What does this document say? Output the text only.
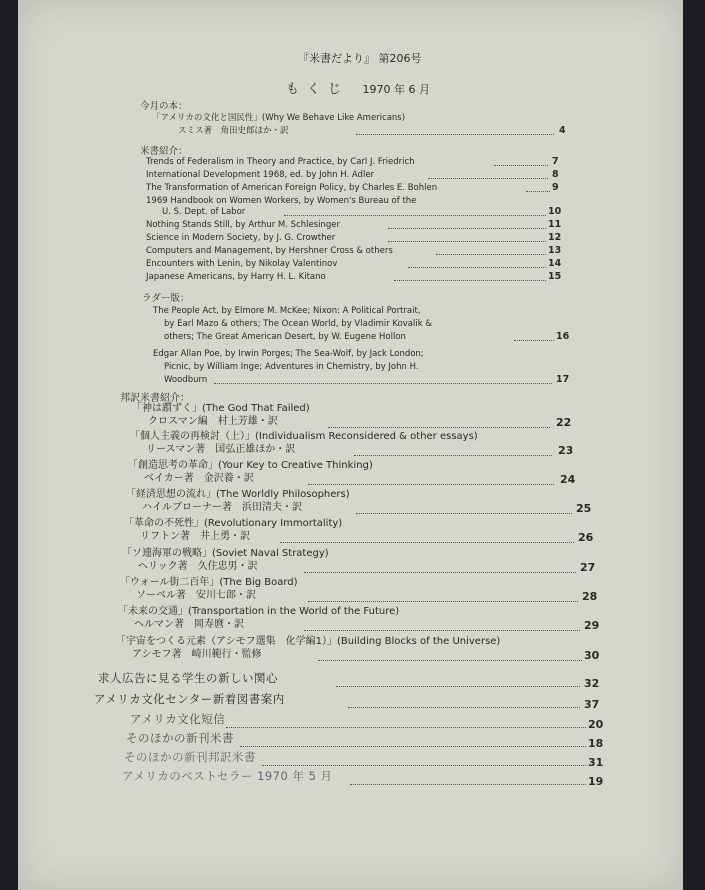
『米書だより』 第206号
もくじ 1970 年 6 月
今月の本：
「アメリカの文化と国民性」(Why We Behave Like Americans)
スミス著　角田史郎ほか・訳	4
米書紹介：
Trends of Federalism in Theory and Practice, by Carl J. Friedrich	7
International Development 1968, ed. by John H. Adler	8
The Transformation of American Foreign Policy, by Charles E. Bohlen	9
1969 Handbook on Women Workers, by Women's Bureau of the
U. S. Dept. of Labor	10
Nothing Stands Still, by Arthur M. Schlesinger	11
Science in Modern Society, by J. G. Crowther	12
Computers and Management, by Hershner Cross & others	13
Encounters with Lenin, by Nikolay Valentinov	14
Japanese Americans, by Harry H. L. Kitano	15
ラダー版：
The People Act, by Elmore M. McKee; Nixon: A Political Portrait,
by Earl Mazo & others; The Ocean World, by Vladimir Kovalik &
others; The Great American Desert, by W. Eugene Hollon	16
Edgar Allan Poe, by Irwin Porges; The Sea-Wolf, by Jack London;
Picnic, by William Inge; Adventures in Chemistry, by John H.
Woodburn	17
邦訳米書紹介：
「神は躓ずく」(The God That Failed)
クロスマン編　村上芳雄・訳	22
「個人主義の再検討（上）」(Individualism Reconsidered & other essays)
リースマン著　国弘正雄ほか・訳	23
「創造思考の革命」(Your Key to Creative Thinking)
ベイカー著　金沢養・訳	24
「経済思想の流れ」(The Worldly Philosophers)
ハイルブローナー著　浜田清夫・訳	25
「革命の不死性」(Revolutionary Immortality)
リフトン著　井上勇・訳	26
「ソ連海軍の戦略」(Soviet Naval Strategy)
ヘリック著　久住忠男・訳	27
「ウォール街二百年」(The Big Board)
ソーベル著　安川七郎・訳	28
「未来の交通」(Transportation in the World of the Future)
ヘルマン著　岡寿麿・訳	29
「宇宙をつくる元素（アシモフ選集　化学編1）」(Building Blocks of the Universe)
アシモフ著　崎川範行・監修	30
求人広告に見る学生の新しい関心	32
アメリカ文化センター新着図書案内	37
アメリカ文化短信	20
そのほかの新刊米書	18
そのほかの新刊邦訳米書	31
アメリカのベストセラー 1970 年 5 月	19
